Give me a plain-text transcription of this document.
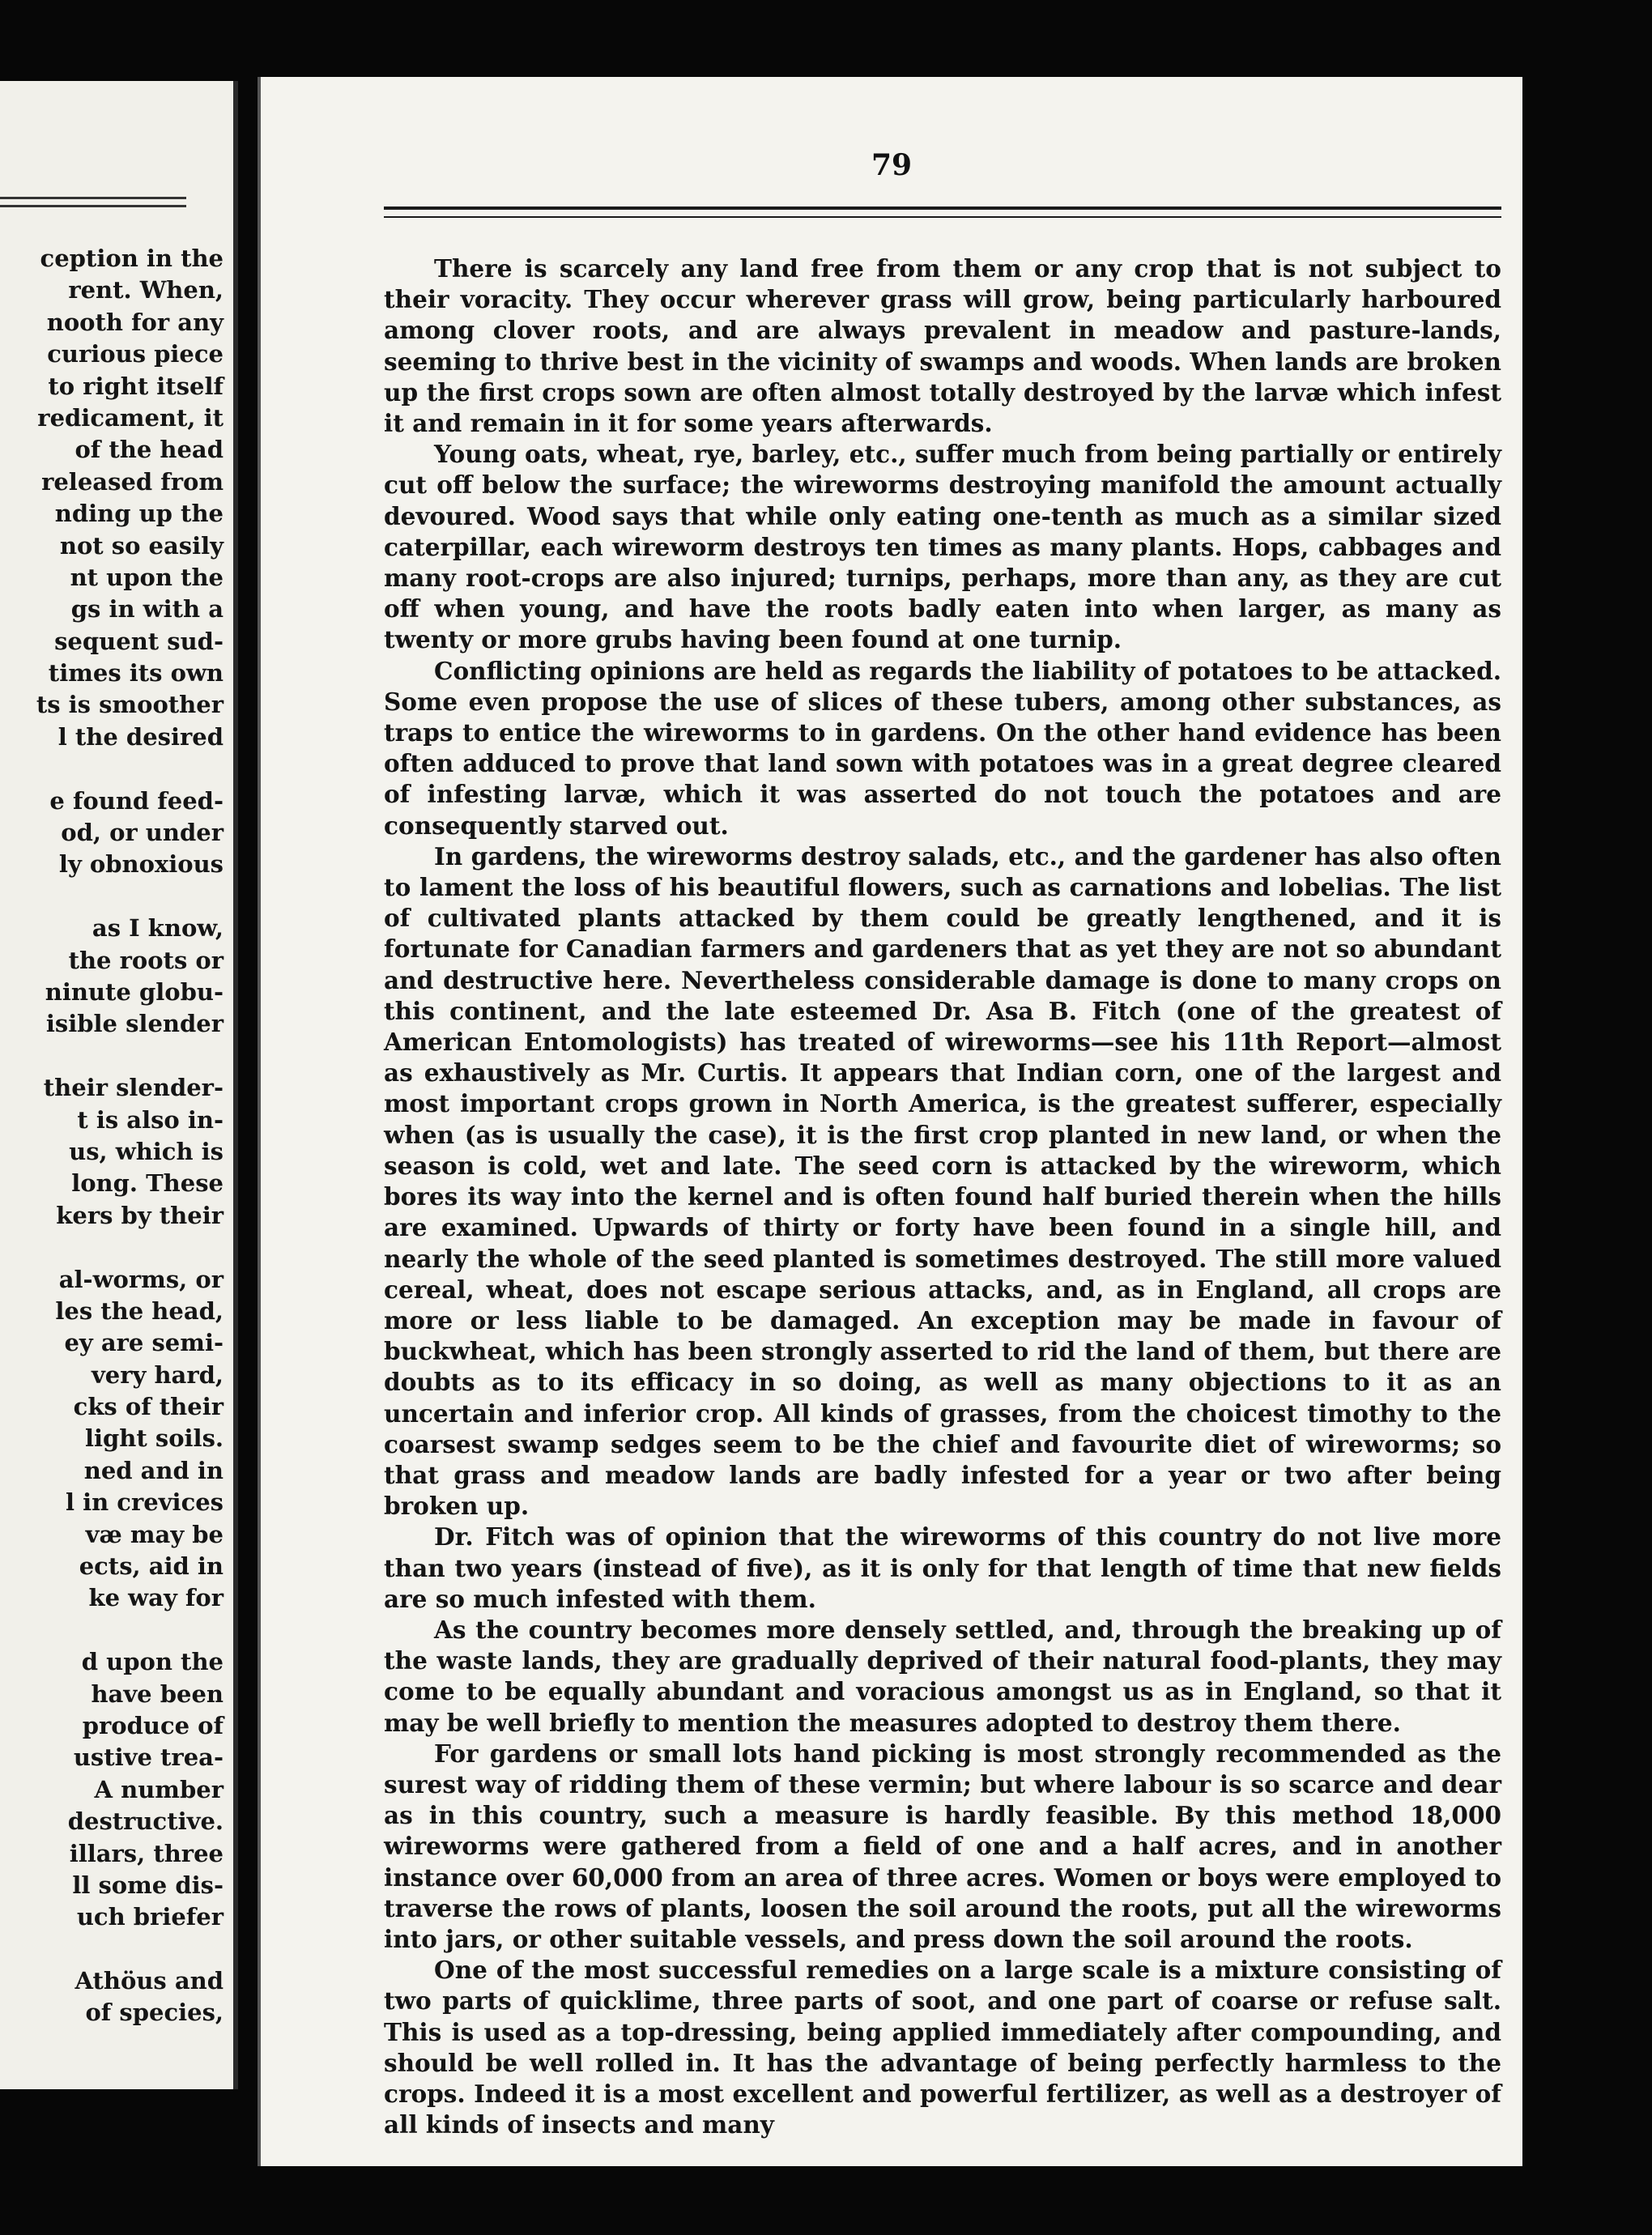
ception in the
rent. When,
nooth for any
curious piece
to right itself
redicament, it
of the head
released from
nding up the
not so easily
nt upon the
gs in with a
sequent sud-
times its own
ts is smoother
l the desired
e found feed-
od, or under
ly obnoxious
as I know,
the roots or
ninute globu-
isible slender
their slender-
t is also in-
us, which is
long. These
kers by their
al-worms, or
les the head,
ey are semi-
very hard,
cks of their
light soils.
ned and in
l in crevices
væ may be
ects, aid in
ke way for
d upon the
have been
produce of
ustive trea-
A number
destructive.
illars, three
ll some dis-
uch briefer
Athöus and
of species,
79

There is scarcely any land free from them or any crop that is not subject to their voracity. They occur wherever grass will grow, being particularly harboured among clover roots, and are always prevalent in meadow and pasture-lands, seeming to thrive best in the vicinity of swamps and woods. When lands are broken up the first crops sown are often almost totally destroyed by the larvæ which infest it and remain in it for some years afterwards.

Young oats, wheat, rye, barley, etc., suffer much from being partially or entirely cut off below the surface; the wireworms destroying manifold the amount actually devoured. Wood says that while only eating one-tenth as much as a similar sized caterpillar, each wireworm destroys ten times as many plants. Hops, cabbages and many root-crops are also injured; turnips, perhaps, more than any, as they are cut off when young, and have the roots badly eaten into when larger, as many as twenty or more grubs having been found at one turnip.

Conflicting opinions are held as regards the liability of potatoes to be attacked. Some even propose the use of slices of these tubers, among other substances, as traps to entice the wireworms to in gardens. On the other hand evidence has been often adduced to prove that land sown with potatoes was in a great degree cleared of infesting larvæ, which it was asserted do not touch the potatoes and are consequently starved out.

In gardens, the wireworms destroy salads, etc., and the gardener has also often to lament the loss of his beautiful flowers, such as carnations and lobelias. The list of cultivated plants attacked by them could be greatly lengthened, and it is fortunate for Canadian farmers and gardeners that as yet they are not so abundant and destructive here. Nevertheless considerable damage is done to many crops on this continent, and the late esteemed Dr. Asa B. Fitch (one of the greatest of American Entomologists) has treated of wireworms—see his 11th Report—almost as exhaustively as Mr. Curtis. It appears that Indian corn, one of the largest and most important crops grown in North America, is the greatest sufferer, especially when (as is usually the case), it is the first crop planted in new land, or when the season is cold, wet and late. The seed corn is attacked by the wireworm, which bores its way into the kernel and is often found half buried therein when the hills are examined. Upwards of thirty or forty have been found in a single hill, and nearly the whole of the seed planted is sometimes destroyed. The still more valued cereal, wheat, does not escape serious attacks, and, as in England, all crops are more or less liable to be damaged. An exception may be made in favour of buckwheat, which has been strongly asserted to rid the land of them, but there are doubts as to its efficacy in so doing, as well as many objections to it as an uncertain and inferior crop. All kinds of grasses, from the choicest timothy to the coarsest swamp sedges seem to be the chief and favourite diet of wireworms; so that grass and meadow lands are badly infested for a year or two after being broken up.

Dr. Fitch was of opinion that the wireworms of this country do not live more than two years (instead of five), as it is only for that length of time that new fields are so much infested with them.

As the country becomes more densely settled, and, through the breaking up of the waste lands, they are gradually deprived of their natural food-plants, they may come to be equally abundant and voracious amongst us as in England, so that it may be well briefly to mention the measures adopted to destroy them there.

For gardens or small lots hand picking is most strongly recommended as the surest way of ridding them of these vermin; but where labour is so scarce and dear as in this country, such a measure is hardly feasible. By this method 18,000 wireworms were gathered from a field of one and a half acres, and in another instance over 60,000 from an area of three acres. Women or boys were employed to traverse the rows of plants, loosen the soil around the roots, put all the wireworms into jars, or other suitable vessels, and press down the soil around the roots.

One of the most successful remedies on a large scale is a mixture consisting of two parts of quicklime, three parts of soot, and one part of coarse or refuse salt. This is used as a top-dressing, being applied immediately after compounding, and should be well rolled in. It has the advantage of being perfectly harmless to the crops. Indeed it is a most excellent and powerful fertilizer, as well as a destroyer of all kinds of insects and many
